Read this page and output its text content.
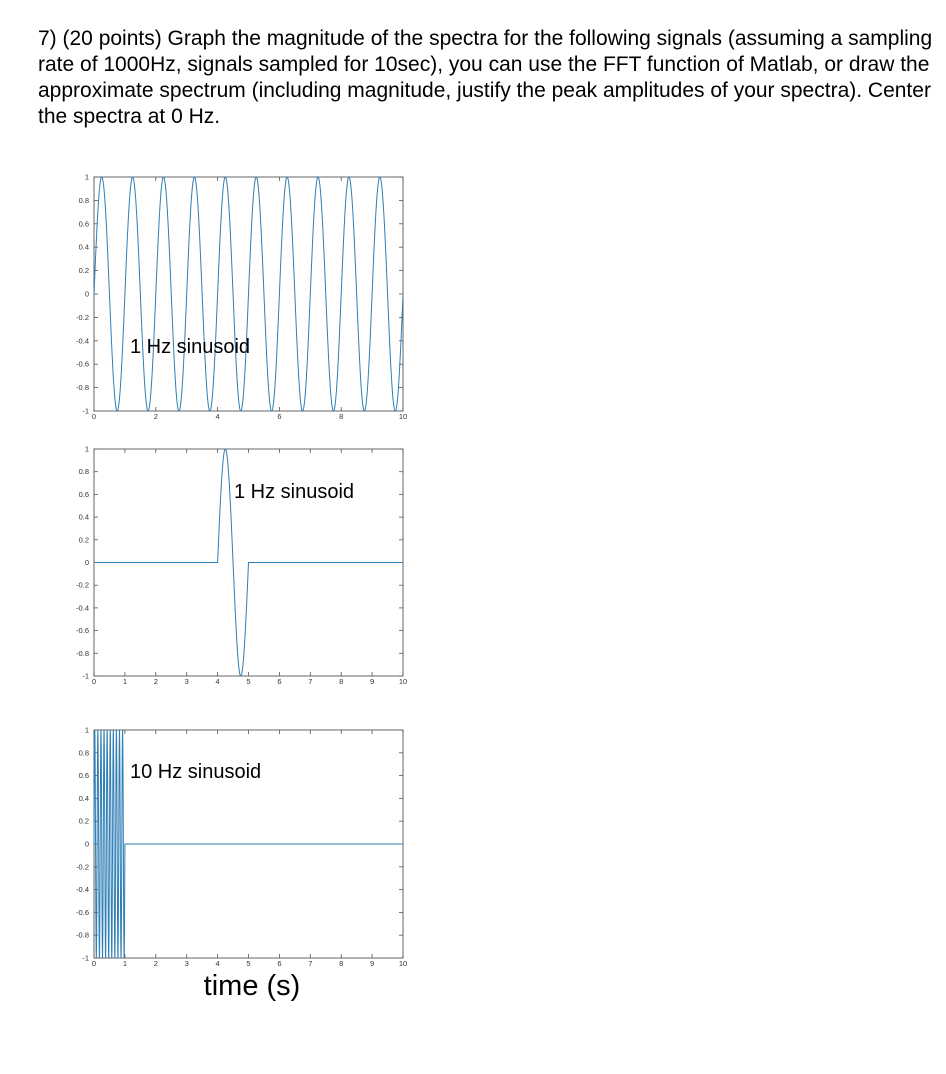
7) (20 points) Graph the magnitude of the spectra for the following signals (assuming a sampling rate of 1000Hz, signals sampled for 10sec), you can use the FFT function of Matlab, or draw the approximate spectrum (including magnitude, justify the peak amplitudes of your spectra). Center the spectra at 0 Hz.
1
0.8
0.6
0.4
0.2
0
-0.2
-0.4
-0.6
-0.8
-1
0	2	4	6	8	10
1 Hz sinusoid
1
0.8
0.6
0.4
0.2
0
-0.2
-0.4
-0.6
-0.8
-1
0	1	2	3	4	5	6	7	8	9	10
1 Hz sinusoid
1
0.8
0.6
0.4
0.2
0
-0.2
-0.4
-0.6
-0.8
-1
0	1	2	3	4	5	6	7	8	9	10
10 Hz sinusoid
time (s)
